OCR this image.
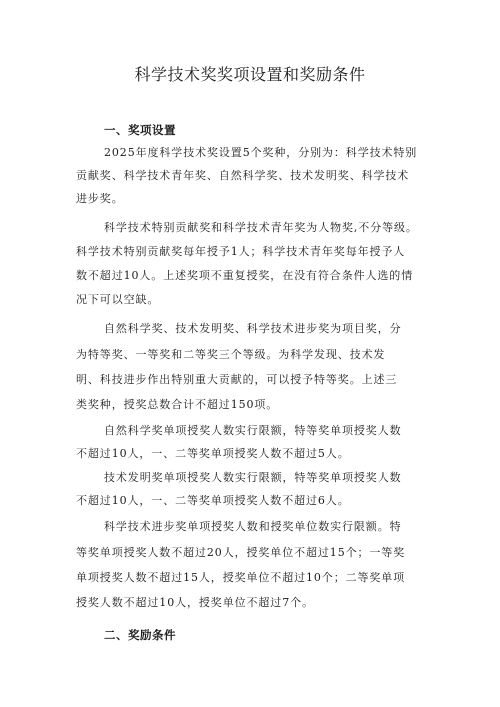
科学技术奖奖项设置和奖励条件
一、奖项设置
2025年度科学技术奖设置5个奖种，分别为：科学技术特别
贡献奖、科学技术青年奖、自然科学奖、技术发明奖、科学技术
进步奖。
科学技术特别贡献奖和科学技术青年奖为人物奖,不分等级。
科学技术特别贡献奖每年授予1人；科学技术青年奖每年授予人
数不超过10人。上述奖项不重复授奖，在没有符合条件人选的情
况下可以空缺。
自然科学奖、技术发明奖、科学技术进步奖为项目奖，分
为特等奖、一等奖和二等奖三个等级。为科学发现、技术发
明、科技进步作出特别重大贡献的，可以授予特等奖。上述三
类奖种，授奖总数合计不超过150项。
自然科学奖单项授奖人数实行限额，特等奖单项授奖人数
不超过10人，一、二等奖单项授奖人数不超过5人。
技术发明奖单项授奖人数实行限额，特等奖单项授奖人数
不超过10人，一、二等奖单项授奖人数不超过6人。
科学技术进步奖单项授奖人数和授奖单位数实行限额。特
等奖单项授奖人数不超过20人，授奖单位不超过15个；一等奖
单项授奖人数不超过15人，授奖单位不超过10个；二等奖单项
授奖人数不超过10人，授奖单位不超过7个。
二、奖励条件
